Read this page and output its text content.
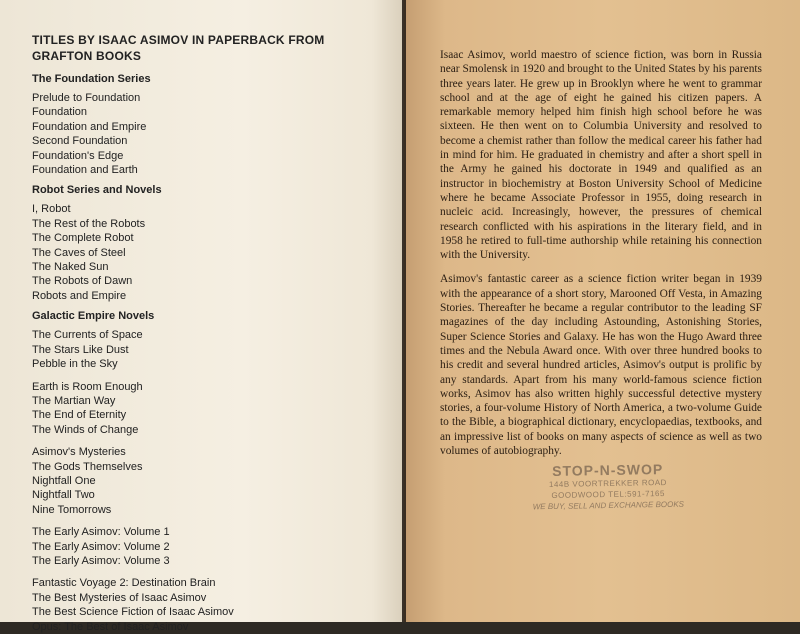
TITLES BY ISAAC ASIMOV IN PAPERBACK FROM GRAFTON BOOKS
The Foundation Series
Prelude to Foundation
Foundation
Foundation and Empire
Second Foundation
Foundation's Edge
Foundation and Earth
Robot Series and Novels
I, Robot
The Rest of the Robots
The Complete Robot
The Caves of Steel
The Naked Sun
The Robots of Dawn
Robots and Empire
Galactic Empire Novels
The Currents of Space
The Stars Like Dust
Pebble in the Sky
Earth is Room Enough
The Martian Way
The End of Eternity
The Winds of Change
Asimov's Mysteries
The Gods Themselves
Nightfall One
Nightfall Two
Nine Tomorrows
The Early Asimov: Volume 1
The Early Asimov: Volume 2
The Early Asimov: Volume 3
Fantastic Voyage 2: Destination Brain
The Best Mysteries of Isaac Asimov
The Best Science Fiction of Isaac Asimov
Opus: The Best of Isaac Asimov

Isaac Asimov, world maestro of science fiction, was born in Russia near Smolensk in 1920 and brought to the United States by his parents three years later. He grew up in Brooklyn where he went to grammar school and at the age of eight he gained his citizen papers. A remarkable memory helped him finish high school before he was sixteen. He then went on to Columbia University and resolved to become a chemist rather than follow the medical career his father had in mind for him. He graduated in chemistry and after a short spell in the Army he gained his doctorate in 1949 and qualified as an instructor in biochemistry at Boston University School of Medicine where he became Associate Professor in 1955, doing research in nucleic acid. Increasingly, however, the pressures of chemical research conflicted with his aspirations in the literary field, and in 1958 he retired to full-time authorship while retaining his connection with the University.

Asimov's fantastic career as a science fiction writer began in 1939 with the appearance of a short story, Marooned Off Vesta, in Amazing Stories. Thereafter he became a regular contributor to the leading SF magazines of the day including Astounding, Astonishing Stories, Super Science Stories and Galaxy. He has won the Hugo Award three times and the Nebula Award once. With over three hundred books to his credit and several hundred articles, Asimov's output is prolific by any standards. Apart from his many world-famous science fiction works, Asimov has also written highly successful detective mystery stories, a four-volume History of North America, a two-volume Guide to the Bible, a biographical dictionary, encyclopaedias, textbooks, and an impressive list of books on many aspects of science as well as two volumes of autobiography.

STOP-N-SWOP
144B VOORTREKKER ROAD
GOODWOOD TEL:591-7165
WE BUY, SELL AND EXCHANGE BOOKS
